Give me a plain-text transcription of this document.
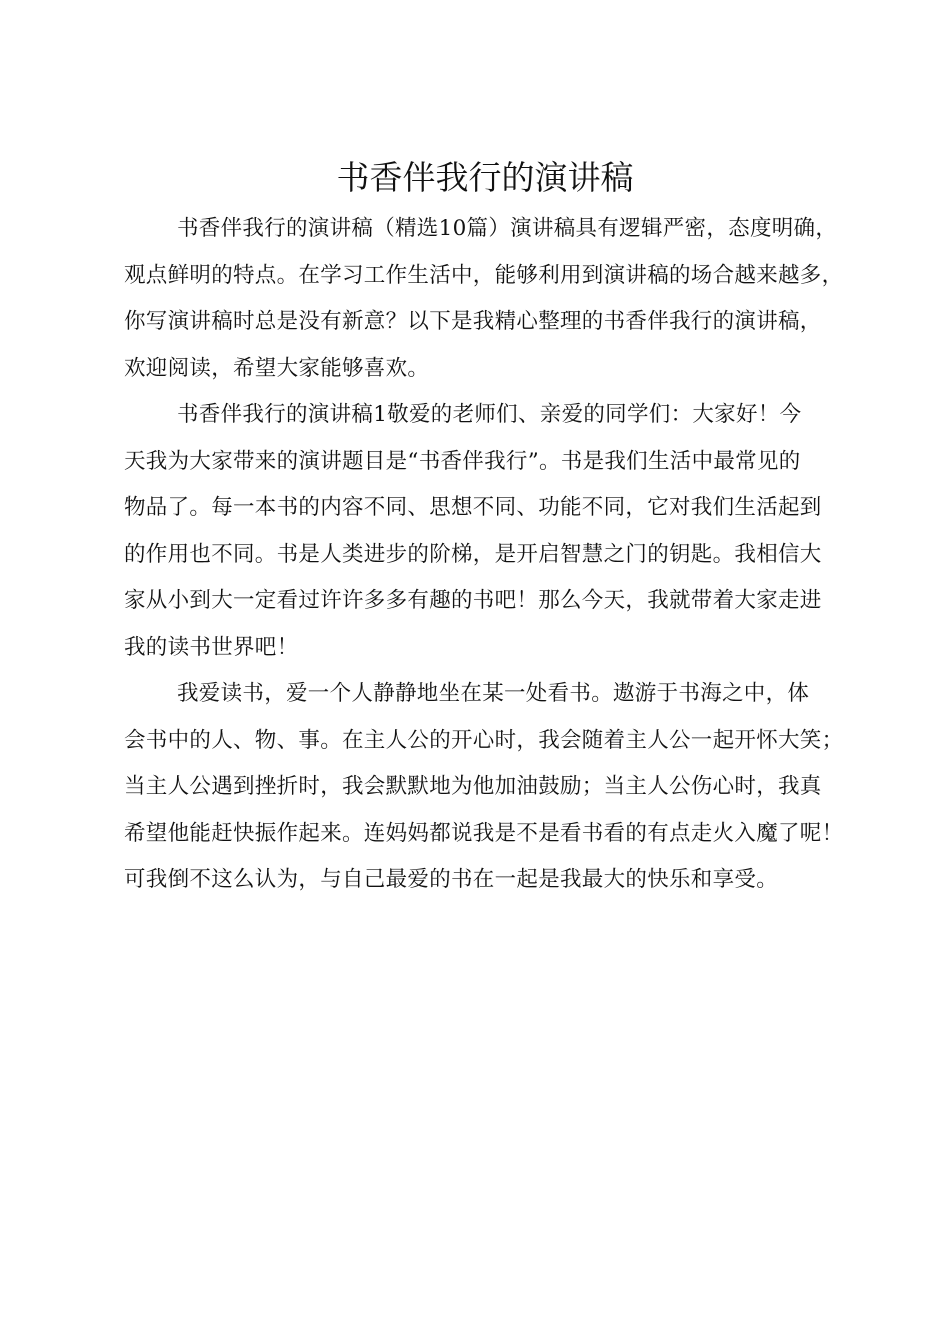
书香伴我行的演讲稿

书香伴我行的演讲稿（精选10篇）演讲稿具有逻辑严密，态度明确，
观点鲜明的特点。在学习工作生活中，能够利用到演讲稿的场合越来越多，
你写演讲稿时总是没有新意？以下是我精心整理的书香伴我行的演讲稿，
欢迎阅读，希望大家能够喜欢。

书香伴我行的演讲稿1敬爱的老师们、亲爱的同学们：大家好！今
天我为大家带来的演讲题目是“书香伴我行”。书是我们生活中最常见的
物品了。每一本书的内容不同、思想不同、功能不同，它对我们生活起到
的作用也不同。书是人类进步的阶梯，是开启智慧之门的钥匙。我相信大
家从小到大一定看过许许多多有趣的书吧！那么今天，我就带着大家走进
我的读书世界吧！

我爱读书，爱一个人静静地坐在某一处看书。遨游于书海之中，体
会书中的人、物、事。在主人公的开心时，我会随着主人公一起开怀大笑；
当主人公遇到挫折时，我会默默地为他加油鼓励；当主人公伤心时，我真
希望他能赶快振作起来。连妈妈都说我是不是看书看的有点走火入魔了呢！
可我倒不这么认为，与自己最爱的书在一起是我最大的快乐和享受。
